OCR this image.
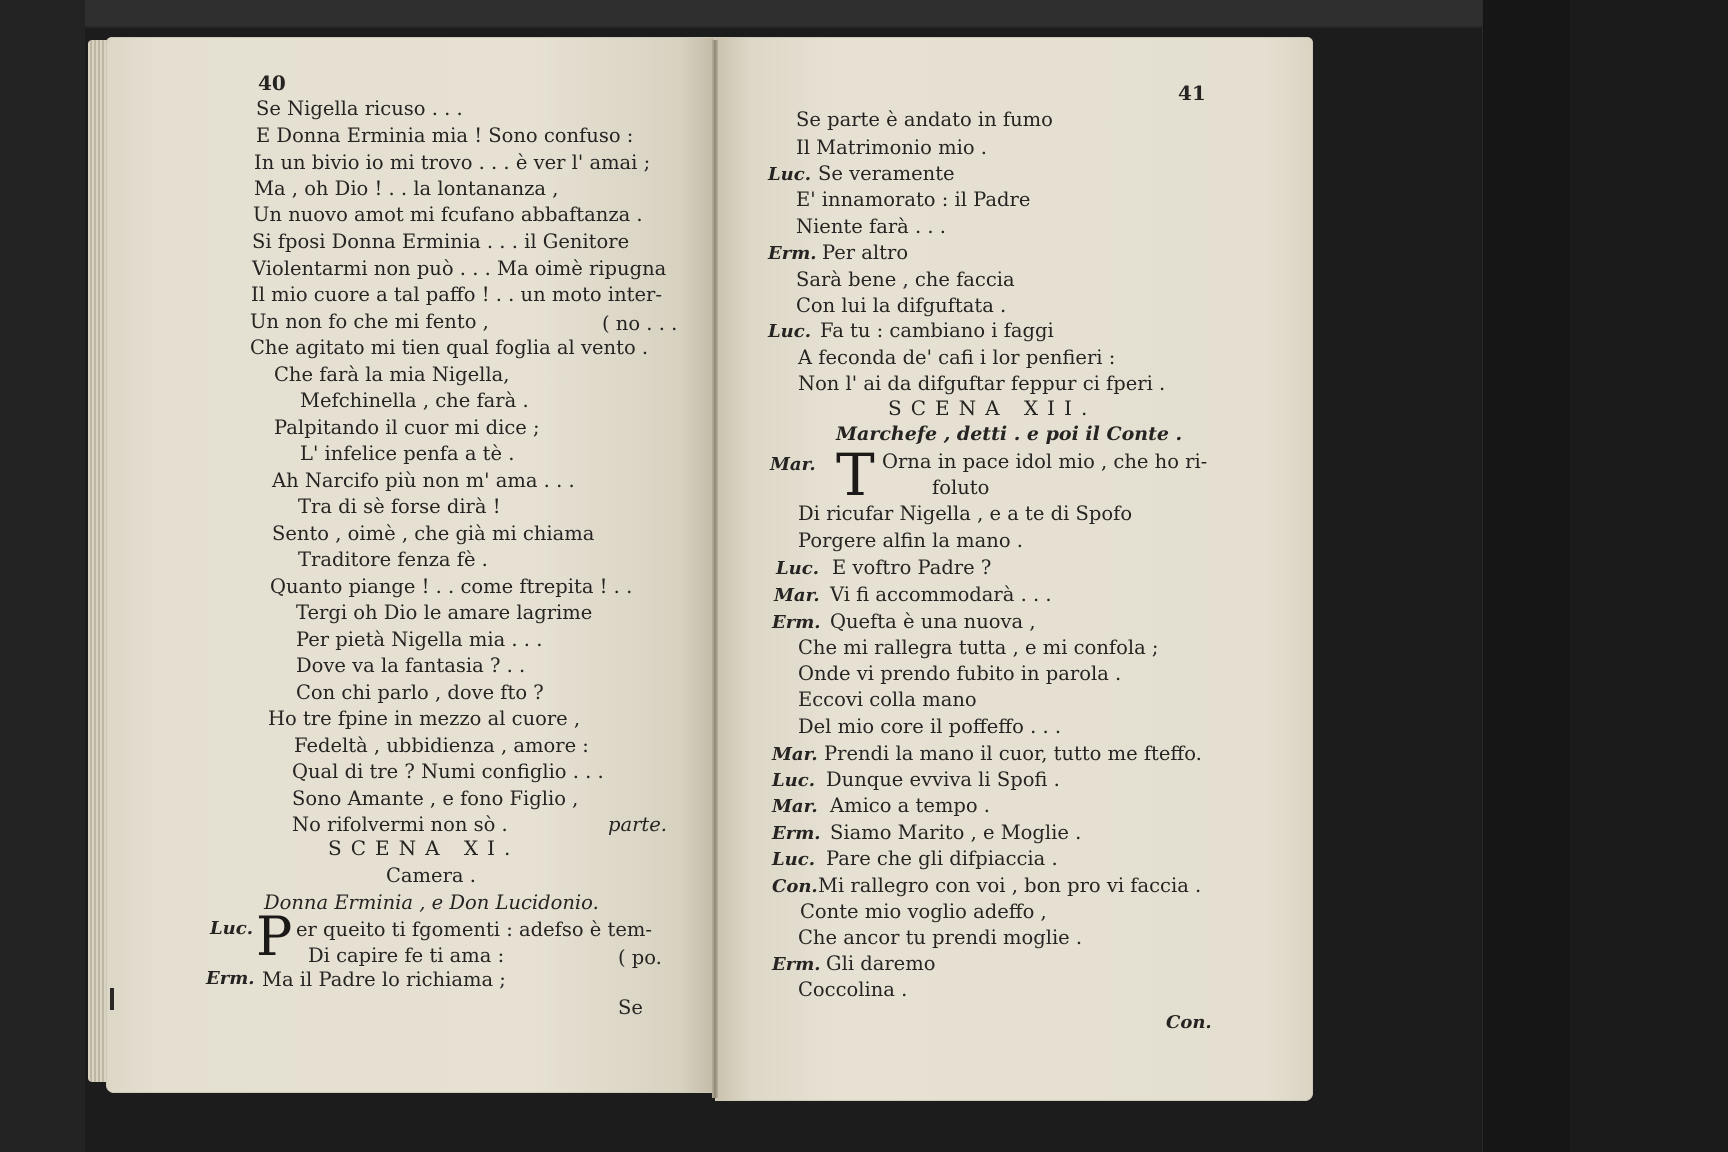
40
Se Nigella ricuso . . .
E Donna Erminia mia ! Sono confuso :
In un bivio io mi trovo . . . è ver l' amai ;
Ma , oh Dio ! . . la lontananza ,
Un nuovo amot mi fcufano abbaftanza .
Si fposi Donna Erminia . . . il Genitore
Violentarmi non può . . . Ma oimè ripugna
Il mio cuore a tal paffo ! . . un moto inter-
Un non fo che mi fento ,	( no . . .
Che agitato mi tien qual foglia al vento .
Che farà la mia Nigella,
Mefchinella , che farà .
Palpitando il cuor mi dice ;
L' infelice penfa a tè .
Ah Narcifo più non m' ama . . .
Tra di sè forse dirà !
Sento , oimè , che già mi chiama
Traditore fenza fè .
Quanto piange ! . . come ftrepita ! . .
Tergi oh Dio le amare lagrime
Per pietà Nigella mia . . .
Dove va la fantasia ? . .
Con chi parlo , dove fto ?
Ho tre fpine in mezzo al cuore ,
Fedeltà , ubbidienza , amore :
Qual di tre ? Numi configlio . . .
Sono Amante , e fono Figlio ,
No rifolvermi non sò .	parte.
SCENA XI.
Camera .
Donna Erminia , e Don Lucidonio.
Luc. P er queito ti fgomenti : adefso è tem-
Di capire fe ti ama :	( po.
Erm. Ma il Padre lo richiama ;
Se
41
Se parte è andato in fumo
Il Matrimonio mio .
Luc. Se veramente
E' innamorato : il Padre
Niente farà . . .
Erm. Per altro
Sarà bene , che faccia
Con lui la difguftata .
Luc. Fa tu : cambiano i faggi
A feconda de' cafi i lor penfieri :
Non l' ai da difguftar feppur ci fperi .
SCENA XII.
Marchefe , detti . e poi il Conte .
Mar. T Orna in pace idol mio , che ho ri-
foluto
Di ricufar Nigella , e a te di Spofo
Porgere alfin la mano .
Luc. E voftro Padre ?
Mar. Vi fi accommodarà . . .
Erm. Quefta è una nuova ,
Che mi rallegra tutta , e mi confola ;
Onde vi prendo fubito in parola .
Eccovi colla mano
Del mio core il poffeffo . . .
Mar. Prendi la mano il cuor, tutto me fteffo.
Luc. Dunque evviva li Spofi .
Mar. Amico a tempo .
Erm. Siamo Marito , e Moglie .
Luc. Pare che gli difpiaccia .
Con. Mi rallegro con voi , bon pro vi faccia .
Conte mio voglio adeffo ,
Che ancor tu prendi moglie .
Erm. Gli daremo
Coccolina .
Con.
